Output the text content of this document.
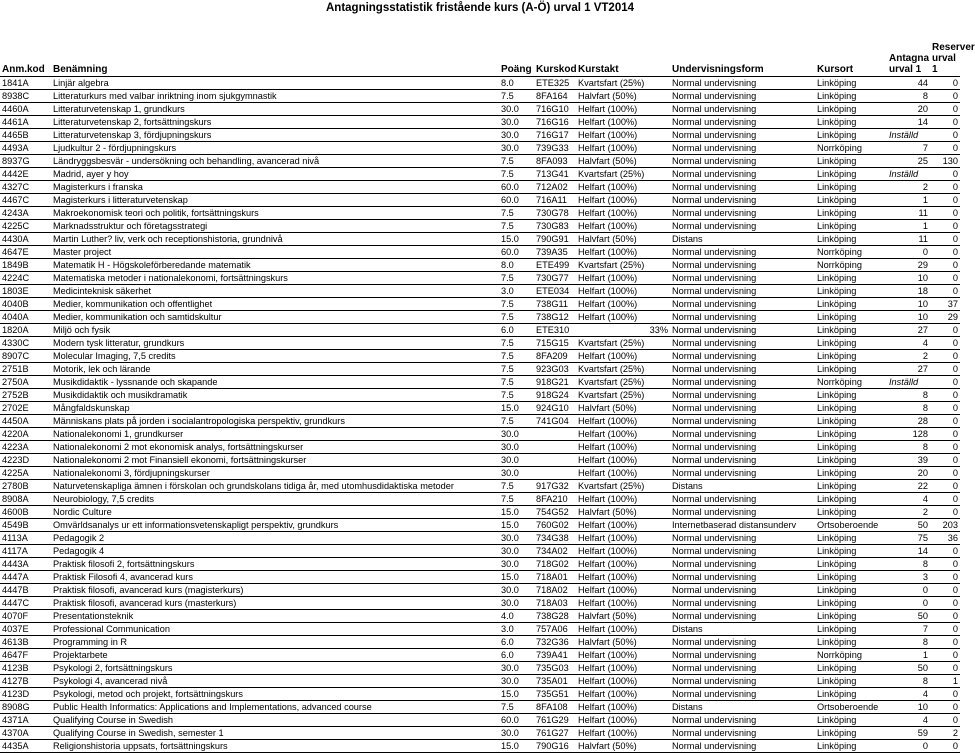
Antagningsstatistik fristående kurs (A-Ö) urval 1 VT2014
Anm.kod	Benämning	Poäng	Kurskod	Kurstakt	Undervisningsform	Kursort	Antagna urval 1	Reserver urval 1
1841A	Linjär algebra	8.0	ETE325	Kvartsfart (25%)	Normal undervisning	Linköping	44	0
8938C	Litteraturkurs med valbar inriktning inom sjukgymnastik	7.5	8FA164	Halvfart (50%)	Normal undervisning	Linköping	8	0
4460A	Litteraturvetenskap 1, grundkurs	30.0	716G10	Helfart (100%)	Normal undervisning	Linköping	20	0
4461A	Litteraturvetenskap 2, fortsättningskurs	30.0	716G16	Helfart (100%)	Normal undervisning	Linköping	14	0
4465B	Litteraturvetenskap 3, fördjupningskurs	30.0	716G17	Helfart (100%)	Normal undervisning	Linköping	Inställd	0
4493A	Ljudkultur 2 - fördjupningskurs	30.0	739G33	Helfart (100%)	Normal undervisning	Norrköping	7	0
8937G	Ländryggsbesvär - undersökning och behandling, avancerad nivå	7.5	8FA093	Halvfart (50%)	Normal undervisning	Linköping	25	130
4442E	Madrid, ayer y hoy	7.5	713G41	Kvartsfart (25%)	Normal undervisning	Linköping	Inställd	0
4327C	Magisterkurs i franska	60.0	712A02	Helfart (100%)	Normal undervisning	Linköping	2	0
4467C	Magisterkurs i litteraturvetenskap	60.0	716A11	Helfart (100%)	Normal undervisning	Linköping	1	0
4243A	Makroekonomisk teori och politik, fortsättningskurs	7.5	730G78	Helfart (100%)	Normal undervisning	Linköping	11	0
4225C	Marknadsstruktur och företagsstrategi	7.5	730G83	Helfart (100%)	Normal undervisning	Linköping	1	0
4430A	Martin Luther? liv, verk och receptionshistoria, grundnivå	15.0	790G91	Halvfart (50%)	Distans	Linköping	11	0
4647E	Master project	60.0	739A35	Helfart (100%)	Normal undervisning	Norrköping	0	0
1849B	Matematik H - Högskoleförberedande matematik	8.0	ETE499	Kvartsfart (25%)	Normal undervisning	Norrköping	29	0
4224C	Matematiska metoder i nationalekonomi, fortsättningskurs	7.5	730G77	Helfart (100%)	Normal undervisning	Linköping	10	0
1803E	Medicinteknisk säkerhet	3.0	ETE034	Helfart (100%)	Normal undervisning	Linköping	18	0
4040B	Medier, kommunikation och offentlighet	7.5	738G11	Helfart (100%)	Normal undervisning	Linköping	10	37
4040A	Medier, kommunikation och samtidskultur	7.5	738G12	Helfart (100%)	Normal undervisning	Linköping	10	29
1820A	Miljö och fysik	6.0	ETE310	33%	Normal undervisning	Linköping	27	0
4330C	Modern tysk litteratur, grundkurs	7.5	715G15	Kvartsfart (25%)	Normal undervisning	Linköping	4	0
8907C	Molecular Imaging, 7,5 credits	7.5	8FA209	Helfart (100%)	Normal undervisning	Linköping	2	0
2751B	Motorik, lek och lärande	7.5	923G03	Kvartsfart (25%)	Normal undervisning	Linköping	27	0
2750A	Musikdidaktik - lyssnande och skapande	7.5	918G21	Kvartsfart (25%)	Normal undervisning	Norrköping	Inställd	0
2752B	Musikdidaktik och musikdramatik	7.5	918G24	Kvartsfart (25%)	Normal undervisning	Linköping	8	0
2702E	Mångfaldskunskap	15.0	924G10	Halvfart (50%)	Normal undervisning	Linköping	8	0
4450A	Människans plats på jorden i socialantropologiska perspektiv, grundkurs	7.5	741G04	Helfart (100%)	Normal undervisning	Linköping	28	0
4220A	Nationalekonomi 1, grundkurser	30.0		Helfart (100%)	Normal undervisning	Linköping	128	0
4223A	Nationalekonomi 2 mot ekonomisk analys, fortsättningskurser	30.0		Helfart (100%)	Normal undervisning	Linköping	8	0
4223D	Nationalekonomi 2 mot Finansiell ekonomi, fortsättningskurser	30.0		Helfart (100%)	Normal undervisning	Linköping	39	0
4225A	Nationalekonomi 3, fördjupningskurser	30.0		Helfart (100%)	Normal undervisning	Linköping	20	0
2780B	Naturvetenskapliga ämnen i förskolan och grundskolans tidiga år, med utomhusdidaktiska metoder	7.5	917G32	Kvartsfart (25%)	Distans	Linköping	22	0
8908A	Neurobiology, 7,5 credits	7.5	8FA210	Helfart (100%)	Normal undervisning	Linköping	4	0
4600B	Nordic Culture	15.0	754G52	Halvfart (50%)	Normal undervisning	Linköping	2	0
4549B	Omvärldsanalys ur ett informationsvetenskapligt perspektiv, grundkurs	15.0	760G02	Helfart (100%)	Internetbaserad distansunderv	Ortsoberoende	50	203
4113A	Pedagogik 2	30.0	734G38	Helfart (100%)	Normal undervisning	Linköping	75	36
4117A	Pedagogik 4	30.0	734A02	Helfart (100%)	Normal undervisning	Linköping	14	0
4443A	Praktisk filosofi 2, fortsättningskurs	30.0	718G02	Helfart (100%)	Normal undervisning	Linköping	8	0
4447A	Praktisk Filosofi 4, avancerad kurs	15.0	718A01	Helfart (100%)	Normal undervisning	Linköping	3	0
4447B	Praktisk filosofi, avancerad kurs (magisterkurs)	30.0	718A02	Helfart (100%)	Normal undervisning	Linköping	0	0
4447C	Praktisk filosofi, avancerad kurs (masterkurs)	30.0	718A03	Helfart (100%)	Normal undervisning	Linköping	0	0
4070F	Presentationsteknik	4.0	738G28	Halvfart (50%)	Normal undervisning	Linköping	50	0
4037E	Professional Communication	3.0	757A06	Helfart (100%)	Distans	Linköping	7	0
4613B	Programming in R	6.0	732G36	Halvfart (50%)	Normal undervisning	Linköping	8	0
4647F	Projektarbete	6.0	739A41	Helfart (100%)	Normal undervisning	Norrköping	1	0
4123B	Psykologi 2, fortsättningskurs	30.0	735G03	Helfart (100%)	Normal undervisning	Linköping	50	0
4127B	Psykologi 4, avancerad nivå	30.0	735A01	Helfart (100%)	Normal undervisning	Linköping	8	1
4123D	Psykologi, metod och projekt, fortsättningskurs	15.0	735G51	Helfart (100%)	Normal undervisning	Linköping	4	0
8908G	Public Health Informatics: Applications and Implementations, advanced course	7.5	8FA108	Helfart (100%)	Distans	Ortsoberoende	10	0
4371A	Qualifying Course in Swedish	60.0	761G29	Helfart (100%)	Normal undervisning	Linköping	4	0
4370A	Qualifying Course in Swedish, semester 1	30.0	761G27	Helfart (100%)	Normal undervisning	Linköping	59	2
4435A	Religionshistoria uppsats, fortsättningskurs	15.0	790G16	Halvfart (50%)	Normal undervisning	Linköping	0	0
